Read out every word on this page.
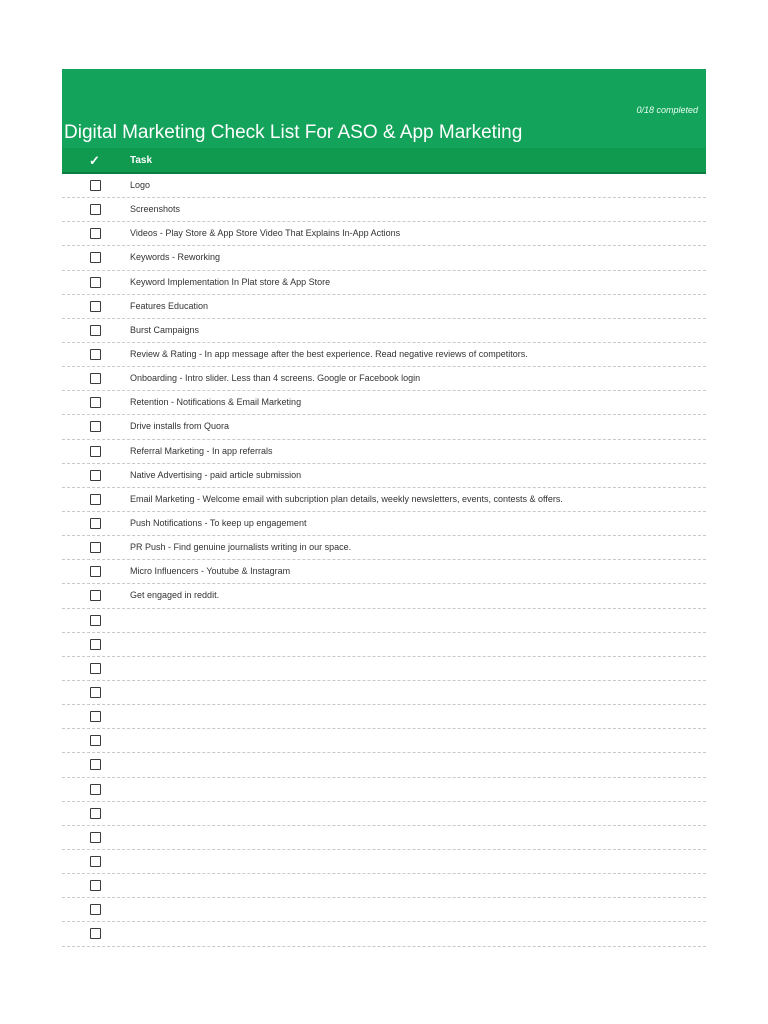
0/18 completed
Digital Marketing Check List For ASO & App Marketing
✓	Task
Logo
Screenshots
Videos - Play Store & App Store Video That Explains In-App Actions
Keywords - Reworking
Keyword Implementation In Plat store & App Store
Features Education
Burst Campaigns
Review & Rating - In app message after the best experience. Read negative reviews of competitors.
Onboarding - Intro slider. Less than 4 screens. Google or Facebook login
Retention - Notifications & Email Marketing
Drive installs from Quora
Referral Marketing - In app referrals
Native Advertising - paid article submission
Email Marketing - Welcome email with subcription plan details, weekly newsletters, events, contests & offers.
Push Notifications - To keep up engagement
PR Push - Find genuine journalists writing in our space.
Micro Influencers - Youtube & Instagram
Get engaged in reddit.
